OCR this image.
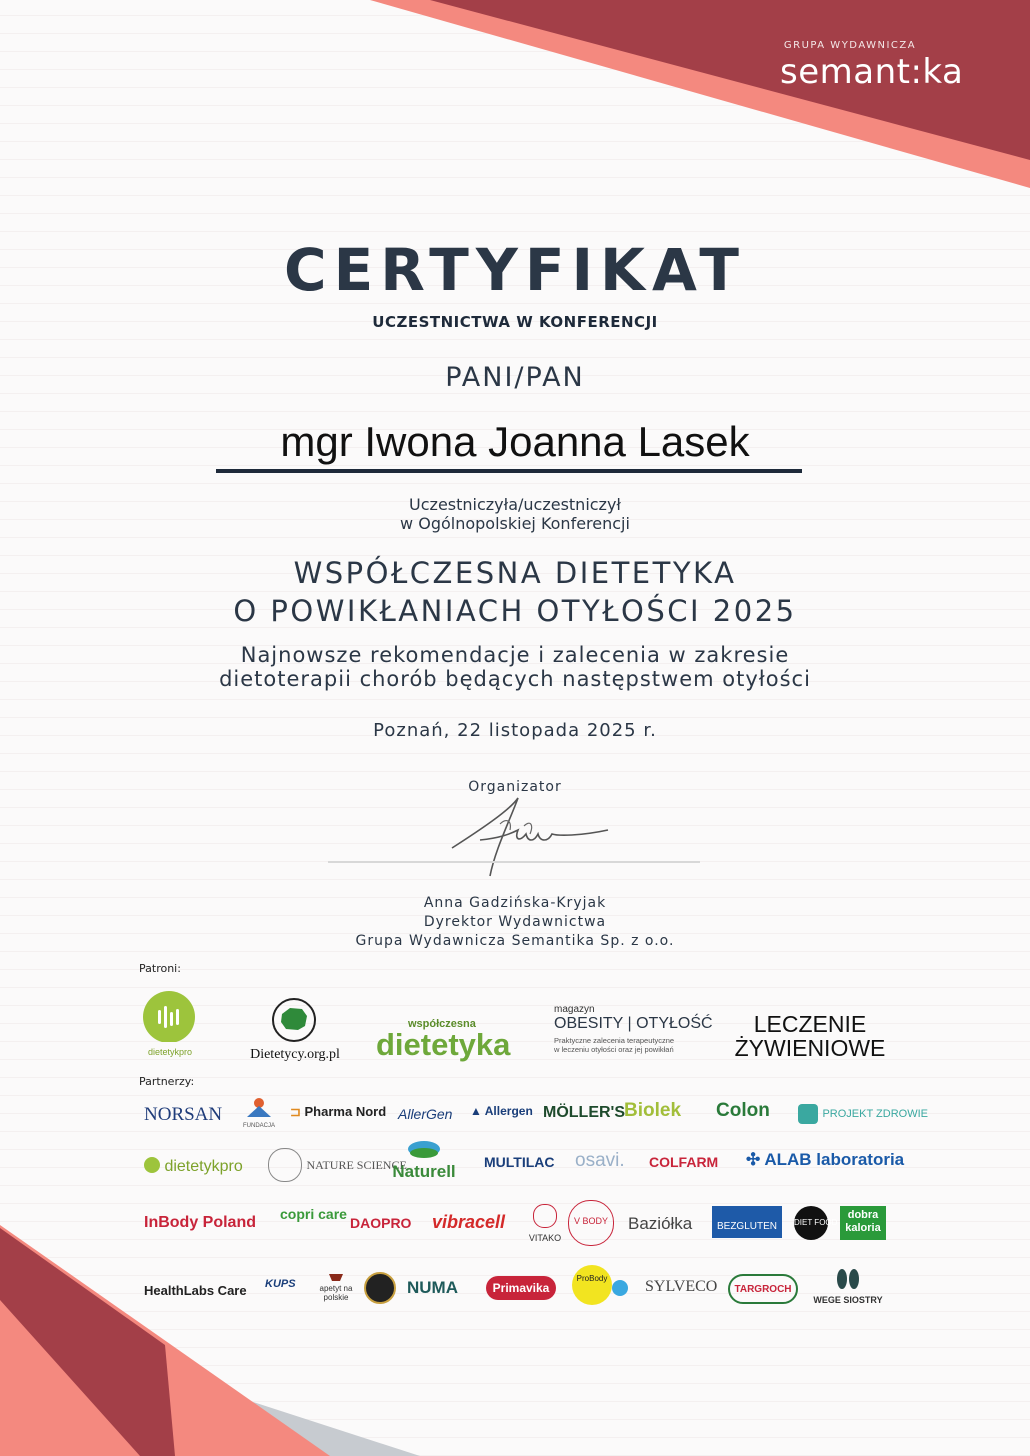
GRUPA WYDAWNICZA
semant:ka
CERTYFIKAT
UCZESTNICTWA W KONFERENCJI
PANI/PAN
mgr Iwona Joanna Lasek
Uczestniczyła/uczestniczył
w Ogólnopolskiej Konferencji
WSPÓŁCZESNA DIETETYKA
O POWIKŁANIACH OTYŁOŚCI 2025
Najnowsze rekomendacje i zalecenia w zakresie
dietoterapii chorób będących następstwem otyłości
Poznań, 22 listopada 2025 r.
Organizator
Anna Gadzińska-Kryjak
Dyrektor Wydawnictwa
Grupa Wydawnicza Semantika Sp. z o.o.
Patroni:
dietetykpro	Dietetycy.org.pl
współczesna
dietetyka
magazyn
OBESITY | OTYŁOŚĆ
Praktyczne zalecenia terapeutyczne
w leczeniu otyłości oraz jej powikłań
LECZENIE
ŻYWIENIOWE
Partnerzy:
NORSAN
FUNDACJA
⊐ Pharma Nord AllerGen ▲ Allergen MÖLLER'S
Biolek Colon	PROJEKT ZDROWIE
dietetykpro	NATURE SCIENCE
Naturell	MULTILAC osavi. COLFARM ✣ ALAB laboratoria
InBody Poland copri care
DAOPRO vibracell
VITAKO
V BODY	Baziółka	BEZGLUTEN	DIET FOOD
dobra kaloria
HealthLabs Care KUPS	apetyt na polskie
NUMA	Primavika
ProBody SYLVECO	TARGROCH
WEGE SIOSTRY
